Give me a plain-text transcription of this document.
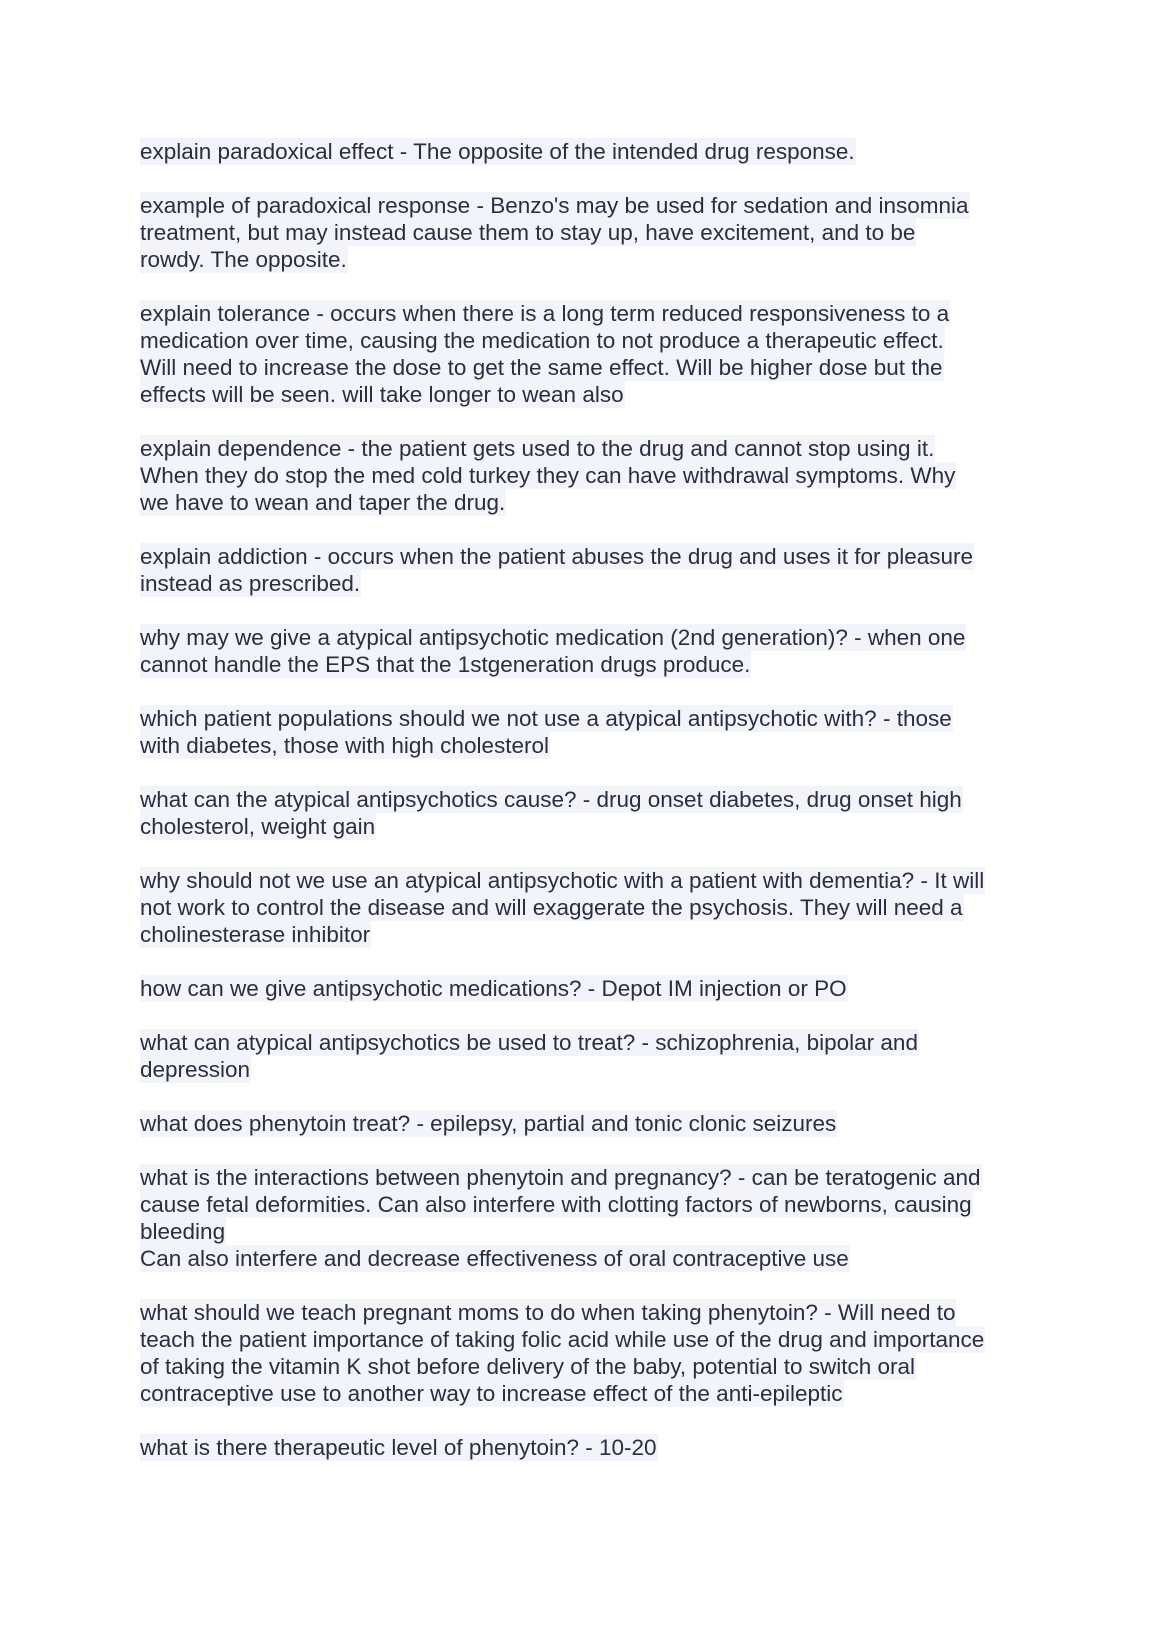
explain paradoxical effect - The opposite of the intended drug response.
example of paradoxical response - Benzo's may be used for sedation and insomnia
treatment, but may instead cause them to stay up, have excitement, and to be
rowdy. The opposite.
explain tolerance - occurs when there is a long term reduced responsiveness to a
medication over time, causing the medication to not produce a therapeutic effect.
Will need to increase the dose to get the same effect. Will be higher dose but the
effects will be seen. will take longer to wean also
explain dependence - the patient gets used to the drug and cannot stop using it.
When they do stop the med cold turkey they can have withdrawal symptoms. Why
we have to wean and taper the drug.
explain addiction - occurs when the patient abuses the drug and uses it for pleasure
instead as prescribed.
why may we give a atypical antipsychotic medication (2nd generation)? - when one
cannot handle the EPS that the 1stgeneration drugs produce.
which patient populations should we not use a atypical antipsychotic with? - those
with diabetes, those with high cholesterol
what can the atypical antipsychotics cause? - drug onset diabetes, drug onset high
cholesterol, weight gain
why should not we use an atypical antipsychotic with a patient with dementia? - It will
not work to control the disease and will exaggerate the psychosis. They will need a
cholinesterase inhibitor
how can we give antipsychotic medications? - Depot IM injection or PO
what can atypical antipsychotics be used to treat? - schizophrenia, bipolar and
depression
what does phenytoin treat? - epilepsy, partial and tonic clonic seizures
what is the interactions between phenytoin and pregnancy? - can be teratogenic and
cause fetal deformities. Can also interfere with clotting factors of newborns, causing
bleeding
Can also interfere and decrease effectiveness of oral contraceptive use
what should we teach pregnant moms to do when taking phenytoin? - Will need to
teach the patient importance of taking folic acid while use of the drug and importance
of taking the vitamin K shot before delivery of the baby, potential to switch oral
contraceptive use to another way to increase effect of the anti-epileptic
what is there therapeutic level of phenytoin? - 10-20
